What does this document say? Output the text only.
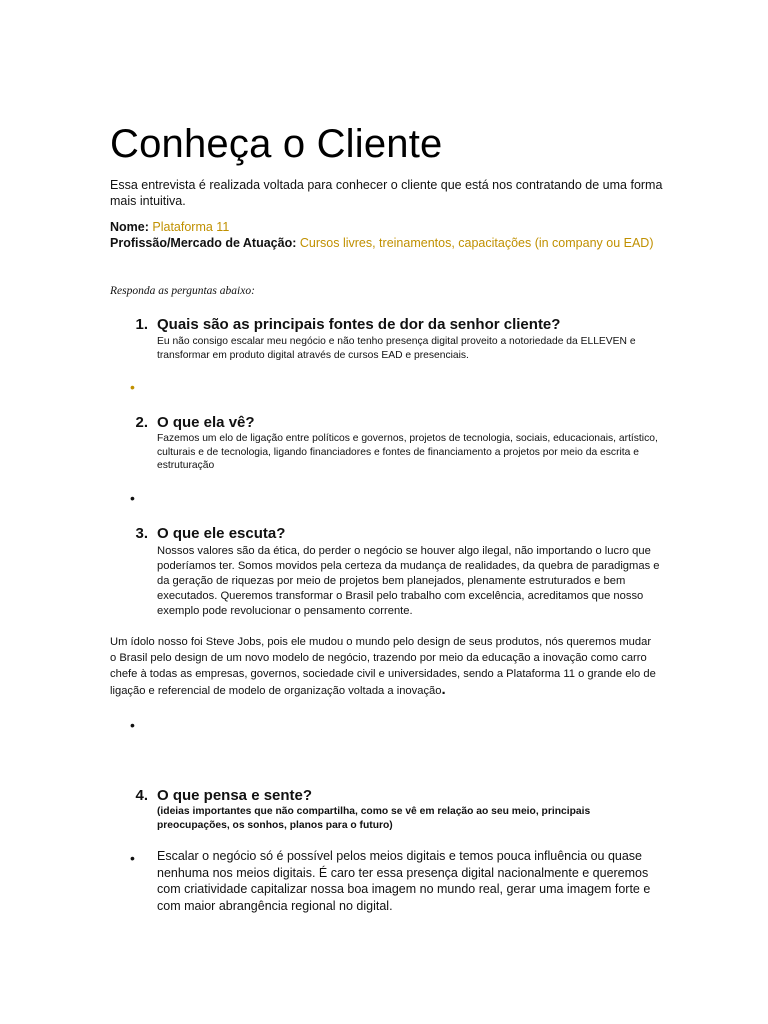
Conheça o Cliente

Essa entrevista é realizada voltada para conhecer o cliente que está nos contratando de uma forma mais intuitiva.

Nome: Plataforma 11

Profissão/Mercado de Atuação: Cursos livres, treinamentos, capacitações (in company ou EAD)

Responda as perguntas abaixo:

1. Quais são as principais fontes de dor da senhor cliente?

Eu não consigo escalar meu negócio e não tenho presença digital proveito a notoriedade da ELLEVEN e transformar em produto digital através de cursos EAD e presenciais.

•
2. O que ela vê?

Fazemos um elo de ligação entre políticos e governos, projetos de tecnologia, sociais, educacionais, artístico, culturais e de tecnologia, ligando financiadores e fontes de financiamento a projetos por meio da escrita e estruturação

•
3. O que ele escuta?

Nossos valores são da ética, do perder o negócio se houver algo ilegal, não importando o lucro que poderíamos ter. Somos movidos pela certeza da mudança de realidades, da quebra de paradigmas e da geração de riquezas por meio de projetos bem planejados, plenamente estruturados e bem executados. Queremos transformar o Brasil pelo trabalho com excelência, acreditamos que nosso exemplo pode revolucionar o pensamento corrente.

Um ídolo nosso foi Steve Jobs, pois ele mudou o mundo pelo design de seus produtos, nós queremos mudar o Brasil pelo design de um novo modelo de negócio, trazendo por meio da educação a inovação como carro chefe à todas as empresas, governos, sociedade civil e universidades, sendo a Plataforma 11 o grande elo de ligação e referencial de modelo de organização voltada a inovação.

•
4. O que pensa e sente?

(ideias importantes que não compartilha, como se vê em relação ao seu meio, principais preocupações, os sonhos, planos para o futuro)

• Escalar o negócio só é possível pelos meios digitais e temos pouca influência ou quase nenhuma nos meios digitais. É caro ter essa presença digital nacionalmente e queremos com criatividade capitalizar nossa boa imagem no mundo real, gerar uma imagem forte e com maior abrangência regional no digital.
